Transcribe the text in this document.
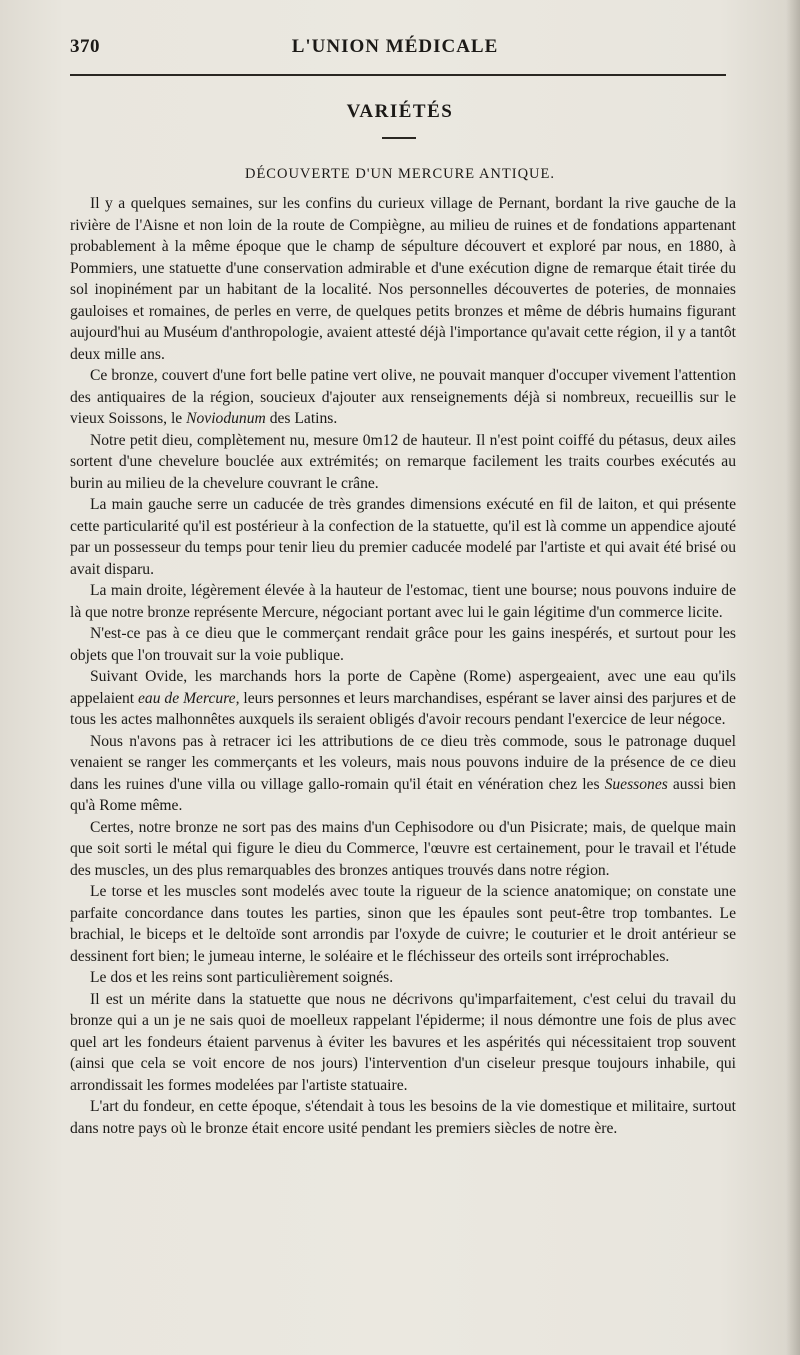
370	L'UNION MÉDICALE
VARIÉTÉS
DÉCOUVERTE D'UN MERCURE ANTIQUE.

Il y a quelques semaines, sur les confins du curieux village de Pernant, bordant la rive gauche de la rivière de l'Aisne et non loin de la route de Compiègne, au milieu de ruines et de fondations appartenant probablement à la même époque que le champ de sépulture découvert et exploré par nous, en 1880, à Pommiers, une statuette d'une conservation admirable et d'une exécution digne de remarque était tirée du sol inopinément par un habitant de la localité. Nos personnelles découvertes de poteries, de monnaies gauloises et romaines, de perles en verre, de quelques petits bronzes et même de débris humains figurant aujourd'hui au Muséum d'anthropologie, avaient attesté déjà l'importance qu'avait cette région, il y a tantôt deux mille ans.

Ce bronze, couvert d'une fort belle patine vert olive, ne pouvait manquer d'occuper vivement l'attention des antiquaires de la région, soucieux d'ajouter aux renseignements déjà si nombreux, recueillis sur le vieux Soissons, le Noviodunum des Latins.

Notre petit dieu, complètement nu, mesure 0m12 de hauteur. Il n'est point coiffé du pétasus, deux ailes sortent d'une chevelure bouclée aux extrémités; on remarque facilement les traits courbes exécutés au burin au milieu de la chevelure couvrant le crâne.

La main gauche serre un caducée de très grandes dimensions exécuté en fil de laiton, et qui présente cette particularité qu'il est postérieur à la confection de la statuette, qu'il est là comme un appendice ajouté par un possesseur du temps pour tenir lieu du premier caducée modelé par l'artiste et qui avait été brisé ou avait disparu.

La main droite, légèrement élevée à la hauteur de l'estomac, tient une bourse; nous pouvons induire de là que notre bronze représente Mercure, négociant portant avec lui le gain légitime d'un commerce licite.

N'est-ce pas à ce dieu que le commerçant rendait grâce pour les gains inespérés, et surtout pour les objets que l'on trouvait sur la voie publique.

Suivant Ovide, les marchands hors la porte de Capène (Rome) aspergeaient, avec une eau qu'ils appelaient eau de Mercure, leurs personnes et leurs marchandises, espérant se laver ainsi des parjures et de tous les actes malhonnêtes auxquels ils seraient obligés d'avoir recours pendant l'exercice de leur négoce.

Nous n'avons pas à retracer ici les attributions de ce dieu très commode, sous le patronage duquel venaient se ranger les commerçants et les voleurs, mais nous pouvons induire de la présence de ce dieu dans les ruines d'une villa ou village gallo-romain qu'il était en vénération chez les Suessones aussi bien qu'à Rome même.

Certes, notre bronze ne sort pas des mains d'un Cephisodore ou d'un Pisicrate; mais, de quelque main que soit sorti le métal qui figure le dieu du Commerce, l'œuvre est certainement, pour le travail et l'étude des muscles, un des plus remarquables des bronzes antiques trouvés dans notre région.

Le torse et les muscles sont modelés avec toute la rigueur de la science anatomique; on constate une parfaite concordance dans toutes les parties, sinon que les épaules sont peut-être trop tombantes. Le brachial, le biceps et le deltoïde sont arrondis par l'oxyde de cuivre; le couturier et le droit antérieur se dessinent fort bien; le jumeau interne, le soléaire et le fléchisseur des orteils sont irréprochables.

Le dos et les reins sont particulièrement soignés.

Il est un mérite dans la statuette que nous ne décrivons qu'imparfaitement, c'est celui du travail du bronze qui a un je ne sais quoi de moelleux rappelant l'épiderme; il nous démontre une fois de plus avec quel art les fondeurs étaient parvenus à éviter les bavures et les aspérités qui nécessitaient trop souvent (ainsi que cela se voit encore de nos jours) l'intervention d'un ciseleur presque toujours inhabile, qui arrondissait les formes modelées par l'artiste statuaire.

L'art du fondeur, en cette époque, s'étendait à tous les besoins de la vie domestique et militaire, surtout dans notre pays où le bronze était encore usité pendant les premiers siècles de notre ère.
